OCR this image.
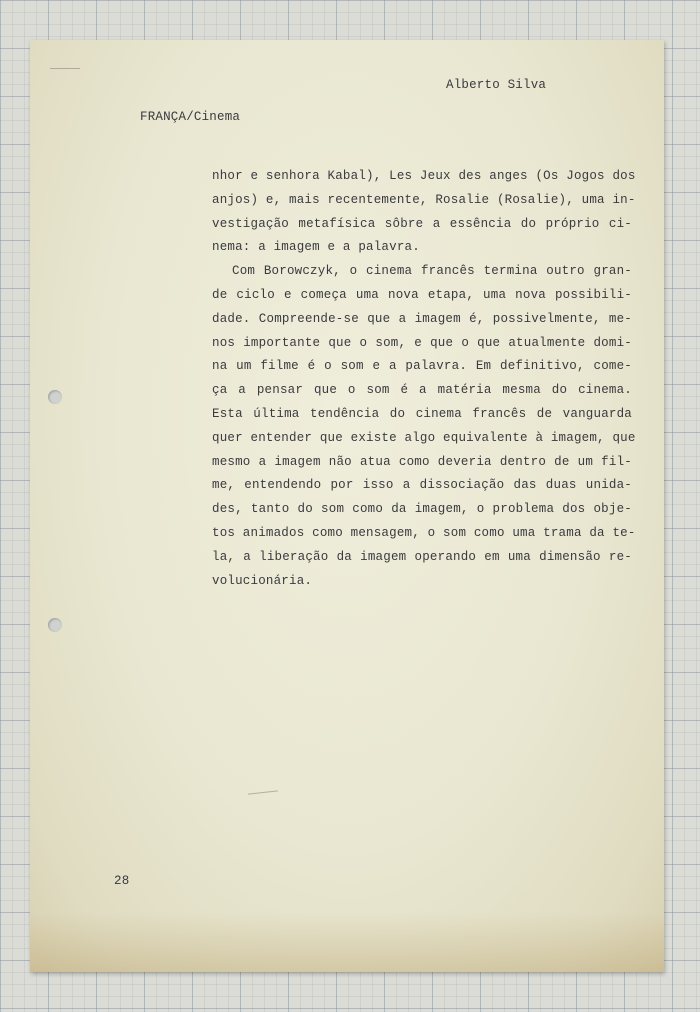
Alberto Silva
FRANÇA/Cinema
nhor e senhora Kabal), Les Jeux des anges (Os Jogos dos
anjos) e, mais recentemente, Rosalie (Rosalie), uma in-
vestigação metafísica sôbre a essência do próprio ci-
nema: a imagem e a palavra.
Com Borowczyk, o cinema francês termina outro gran-
de ciclo e começa uma nova etapa, uma nova possibili-
dade. Compreende-se que a imagem é, possivelmente, me-
nos importante que o som, e que o que atualmente domi-
na um filme é o som e a palavra. Em definitivo, come-
ça a pensar que o som é a matéria mesma do cinema.
Esta última tendência do cinema francês de vanguarda
quer entender que existe algo equivalente à imagem, que
mesmo a imagem não atua como deveria dentro de um fil-
me, entendendo por isso a dissociação das duas unida-
des, tanto do som como da imagem, o problema dos obje-
tos animados como mensagem, o som como uma trama da te-
la, a liberação da imagem operando em uma dimensão re-
volucionária.
28
